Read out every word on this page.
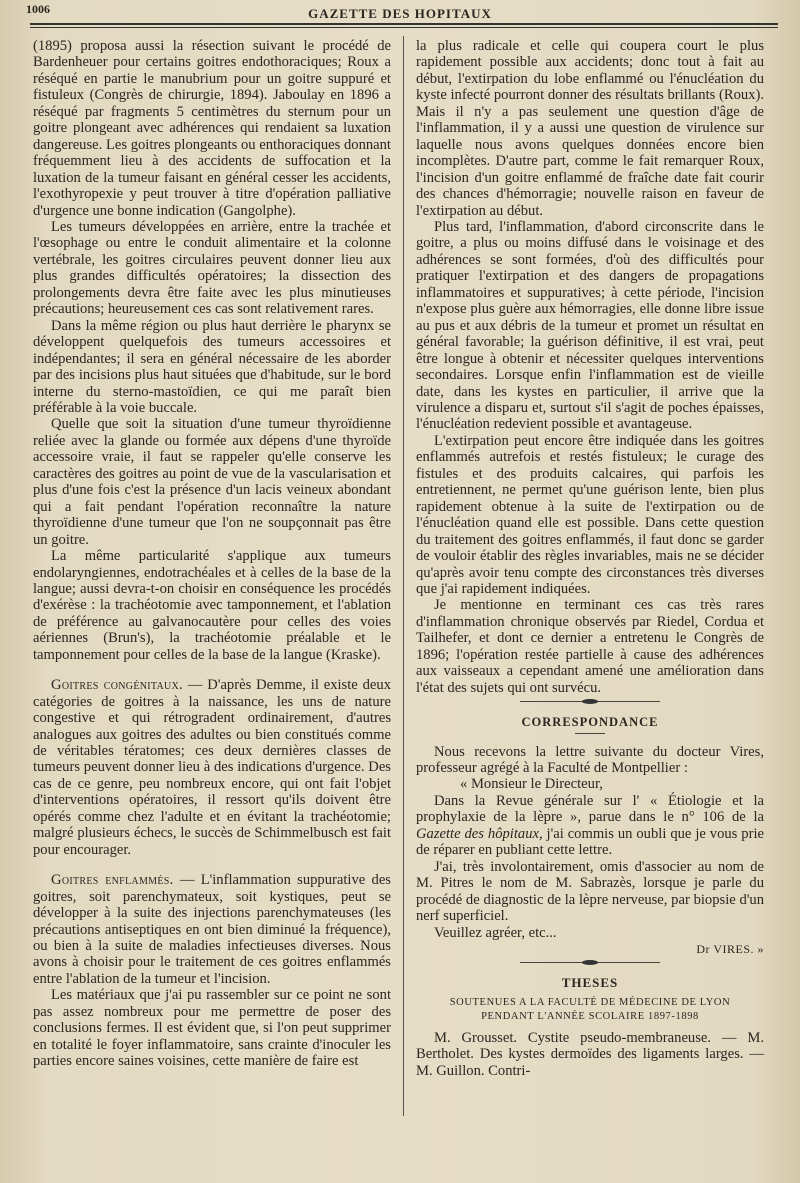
1006	GAZETTE DES HOPITAUX

(1895) proposa aussi la résection suivant le procédé de Bardenheuer pour certains goitres endothoraciques; Roux a réséqué en partie le manubrium pour un goitre suppuré et fistuleux (Congrès de chirurgie, 1894). Jaboulay en 1896 a réséqué par fragments 5 centimètres du sternum pour un goitre plongeant avec adhérences qui rendaient sa luxation dangereuse. Les goitres plongeants ou enthoraciques donnant fréquemment lieu à des accidents de suffocation et la luxation de la tumeur faisant en général cesser les accidents, l'exothyropexie y peut trouver à titre d'opération palliative d'urgence une bonne indication (Gangolphe).

Les tumeurs développées en arrière, entre la trachée et l'œsophage ou entre le conduit alimentaire et la colonne vertébrale, les goitres circulaires peuvent donner lieu aux plus grandes difficultés opératoires; la dissection des prolongements devra être faite avec les plus minutieuses précautions; heureusement ces cas sont relativement rares.

Dans la même région ou plus haut derrière le pharynx se développent quelquefois des tumeurs accessoires et indépendantes; il sera en général nécessaire de les aborder par des incisions plus haut situées que d'habitude, sur le bord interne du sterno-mastoïdien, ce qui me paraît bien préférable à la voie buccale.

Quelle que soit la situation d'une tumeur thyroïdienne reliée avec la glande ou formée aux dépens d'une thyroïde accessoire vraie, il faut se rappeler qu'elle conserve les caractères des goitres au point de vue de la vascularisation et plus d'une fois c'est la présence d'un lacis veineux abondant qui a fait pendant l'opération reconnaître la nature thyroïdienne d'une tumeur que l'on ne soupçonnait pas être un goitre.

La même particularité s'applique aux tumeurs endolaryngiennes, endotrachéales et à celles de la base de la langue; aussi devra-t-on choisir en conséquence les procédés d'exérèse : la trachéotomie avec tamponnement, et l'ablation de préférence au galvanocautère pour celles des voies aériennes (Brun's), la trachéotomie préalable et le tamponnement pour celles de la base de la langue (Kraske).

Goitres congénitaux. — D'après Demme, il existe deux catégories de goitres à la naissance, les uns de nature congestive et qui rétrogradent ordinairement, d'autres analogues aux goitres des adultes ou bien constitués comme de véritables tératomes; ces deux dernières classes de tumeurs peuvent donner lieu à des indications d'urgence. Des cas de ce genre, peu nombreux encore, qui ont fait l'objet d'interventions opératoires, il ressort qu'ils doivent être opérés comme chez l'adulte et en évitant la trachéotomie; malgré plusieurs échecs, le succès de Schimmelbusch est fait pour encourager.

Goitres enflammés. — L'inflammation suppurative des goitres, soit parenchymateux, soit kystiques, peut se développer à la suite des injections parenchymateuses (les précautions antiseptiques en ont bien diminué la fréquence), ou bien à la suite de maladies infectieuses diverses. Nous avons à choisir pour le traitement de ces goitres enflammés entre l'ablation de la tumeur et l'incision.

Les matériaux que j'ai pu rassembler sur ce point ne sont pas assez nombreux pour me permettre de poser des conclusions fermes. Il est évident que, si l'on peut supprimer en totalité le foyer inflammatoire, sans crainte d'inoculer les parties encore saines voisines, cette manière de faire est

la plus radicale et celle qui coupera court le plus rapidement possible aux accidents; donc tout à fait au début, l'extirpation du lobe enflammé ou l'énucléation du kyste infecté pourront donner des résultats brillants (Roux). Mais il n'y a pas seulement une question d'âge de l'inflammation, il y a aussi une question de virulence sur laquelle nous avons quelques données encore bien incomplètes. D'autre part, comme le fait remarquer Roux, l'incision d'un goitre enflammé de fraîche date fait courir des chances d'hémorragie; nouvelle raison en faveur de l'extirpation au début.

Plus tard, l'inflammation, d'abord circonscrite dans le goitre, a plus ou moins diffusé dans le voisinage et des adhérences se sont formées, d'où des difficultés pour pratiquer l'extirpation et des dangers de propagations inflammatoires et suppuratives; à cette période, l'incision n'expose plus guère aux hémorragies, elle donne libre issue au pus et aux débris de la tumeur et promet un résultat en général favorable; la guérison définitive, il est vrai, peut être longue à obtenir et nécessiter quelques interventions secondaires. Lorsque enfin l'inflammation est de vieille date, dans les kystes en particulier, il arrive que la virulence a disparu et, surtout s'il s'agit de poches épaisses, l'énucléation redevient possible et avantageuse.

L'extirpation peut encore être indiquée dans les goitres enflammés autrefois et restés fistuleux; le curage des fistules et des produits calcaires, qui parfois les entretiennent, ne permet qu'une guérison lente, bien plus rapidement obtenue à la suite de l'extirpation ou de l'énucléation quand elle est possible. Dans cette question du traitement des goitres enflammés, il faut donc se garder de vouloir établir des règles invariables, mais ne se décider qu'après avoir tenu compte des circonstances très diverses que j'ai rapidement indiquées.

Je mentionne en terminant ces cas très rares d'inflammation chronique observés par Riedel, Cordua et Tailhefer, et dont ce dernier a entretenu le Congrès de 1896; l'opération restée partielle à cause des adhérences aux vaisseaux a cependant amené une amélioration dans l'état des sujets qui ont survécu.

CORRESPONDANCE

Nous recevons la lettre suivante du docteur Vires, professeur agrégé à la Faculté de Montpellier :

« Monsieur le Directeur,

Dans la Revue générale sur l' « Étiologie et la prophylaxie de la lèpre », parue dans le n° 106 de la Gazette des hôpitaux, j'ai commis un oubli que je vous prie de réparer en publiant cette lettre.

J'ai, très involontairement, omis d'associer au nom de M. Pitres le nom de M. Sabrazès, lorsque je parle du procédé de diagnostic de la lèpre nerveuse, par biopsie d'un nerf superficiel.

Veuillez agréer, etc...

Dr VIRES. »

THESES
SOUTENUES A LA FACULTÉ DE MÉDECINE DE LYON
PENDANT L'ANNÉE SCOLAIRE 1897-1898

M. Grousset. Cystite pseudo-membraneuse. — M. Bertholet. Des kystes dermoïdes des ligaments larges. — M. Guillon. Contri-
